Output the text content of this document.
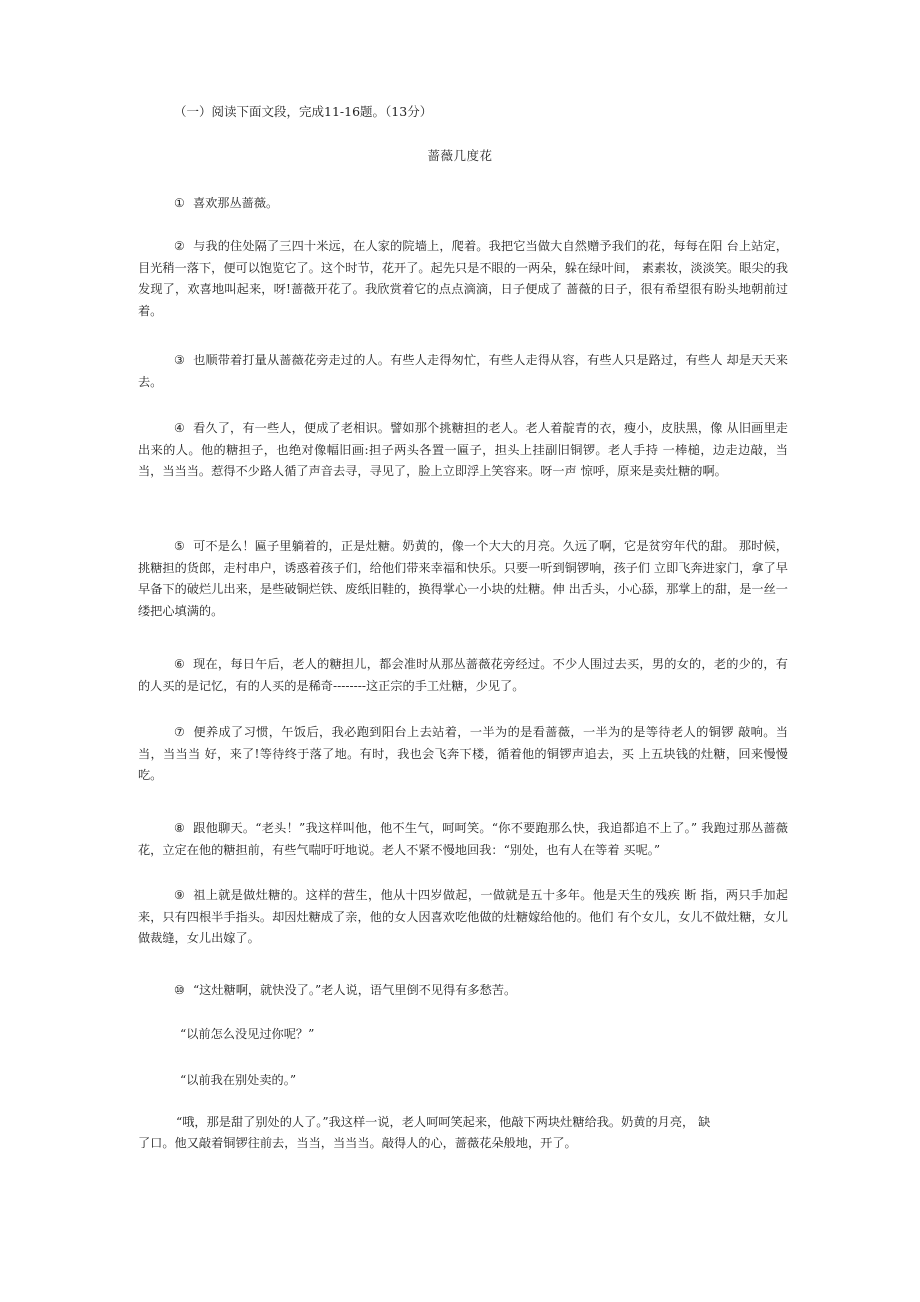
（一）阅读下面文段，完成11-16题。（13分）
蔷薇几度花

① 喜欢那丛蔷薇。

② 与我的住处隔了三四十米远，在人家的院墙上，爬着。我把它当做大自然赠予我们的花，每每在阳 台上站定，目光稍一落下，便可以饱览它了。这个时节，花开了。起先只是不眼的一两朵，躲在绿叶间， 素素妆，淡淡笑。眼尖的我发现了，欢喜地叫起来，呀!蔷薇开花了。我欣赏着它的点点滴滴，日子便成了 蔷薇的日子，很有希望很有盼头地朝前过着。

③ 也顺带着打量从蔷薇花旁走过的人。有些人走得匆忙，有些人走得从容，有些人只是路过，有些人 却是天天来去。

④ 看久了，有一些人，便成了老相识。譬如那个挑糖担的老人。老人着靛青的衣，瘦小，皮肤黑，像 从旧画里走出来的人。他的糖担子，也绝对像幅旧画:担子两头各置一匾子，担头上挂副旧铜锣。老人手持 一棒槌，边走边敲，当当，当当当。惹得不少路人循了声音去寻，寻见了，脸上立即浮上笑容来。呀一声 惊呼，原来是卖灶糖的啊。

⑤ 可不是么！匾子里躺着的，正是灶糖。奶黄的，像一个大大的月亮。久远了啊，它是贫穷年代的甜。 那时候，挑糖担的货郎，走村串户，诱惑着孩子们，给他们带来幸福和快乐。只要一听到铜锣响，孩子们 立即飞奔进家门，拿了早早备下的破烂儿出来，是些破铜烂铁、废纸旧鞋的，换得掌心一小块的灶糖。伸 出舌头，小心舔，那掌上的甜，是一丝一缕把心填满的。

⑥ 现在，每日午后，老人的糖担儿，都会准时从那丛蔷薇花旁经过。不少人围过去买，男的女的，老的少的，有的人买的是记忆，有的人买的是稀奇--------这正宗的手工灶糖，少见了。

⑦ 便养成了习惯，午饭后，我必跑到阳台上去站着，一半为的是看蔷薇，一半为的是等待老人的铜锣 敲响。当当，当当当 好，来了!等待终于落了地。有时，我也会飞奔下楼，循着他的铜锣声追去，买 上五块钱的灶糖，回来慢慢吃。

⑧ 跟他聊天。“老头！”我这样叫他，他不生气，呵呵笑。“你不要跑那么快，我追都追不上了。” 我跑过那丛蔷薇花，立定在他的糖担前，有些气喘吁吁地说。老人不紧不慢地回我：“别处，也有人在等着 买呢。”

⑨ 祖上就是做灶糖的。这样的营生，他从十四岁做起，一做就是五十多年。他是天生的残疾 断 指，两只手加起来，只有四根半手指头。却因灶糖成了亲，他的女人因喜欢吃他做的灶糖嫁给他的。他们 有个女儿，女儿不做灶糖，女儿做裁缝，女儿出嫁了。

⑩ “这灶糖啊，就快没了。”老人说，语气里倒不见得有多愁苦。

“以前怎么没见过你呢？”
“以前我在别处卖的。”
“哦，那是甜了别处的人了。”我这样一说，老人呵呵笑起来，他敲下两块灶糖给我。奶黄的月亮， 缺
了口。他又敲着铜锣往前去，当当，当当当。敲得人的心，蔷薇花朵般地，开了。
